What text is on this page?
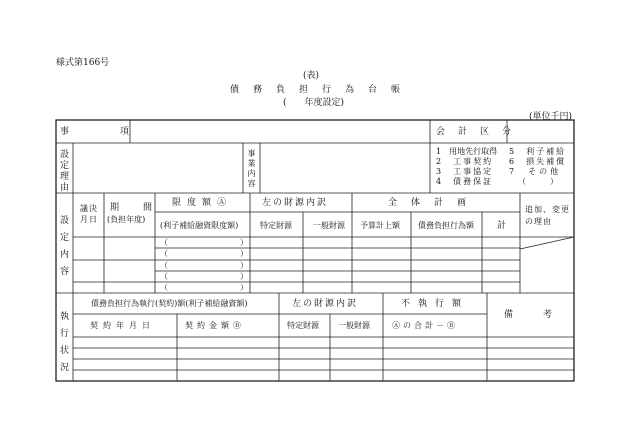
様式第166号
(表)
債務負担行為台帳
(　　年度設定)
(単位千円)
事　　　　項	会　計　区　分
設定理由
事業内容
1　用地先行取得
2　工事契約
3　工事協定
4　債務保証
5　利子補給
6　損失補償
7　その他
（　　　）
設定内容
議決月日
期　　間
(負担年度)
限度額Ⓐ
(利子補給融資限度額)
左の財源内訳
特定財源	一般財源
全体計画
予算計上額 債務負担行為額	計
追加、変更の理由
（　　　　　　　　　）
（　　　　　　　　　）
（　　　　　　　　　）
（　　　　　　　　　）
（　　　　　　　　　）
執行状況
債務負担行為執行(契約)額(利子補給融資額)
契約年月日	契約金額Ⓑ
左の財源内訳
特定財源 一般財源
不執行額
Ⓐの合計－Ⓑ
備　　考
